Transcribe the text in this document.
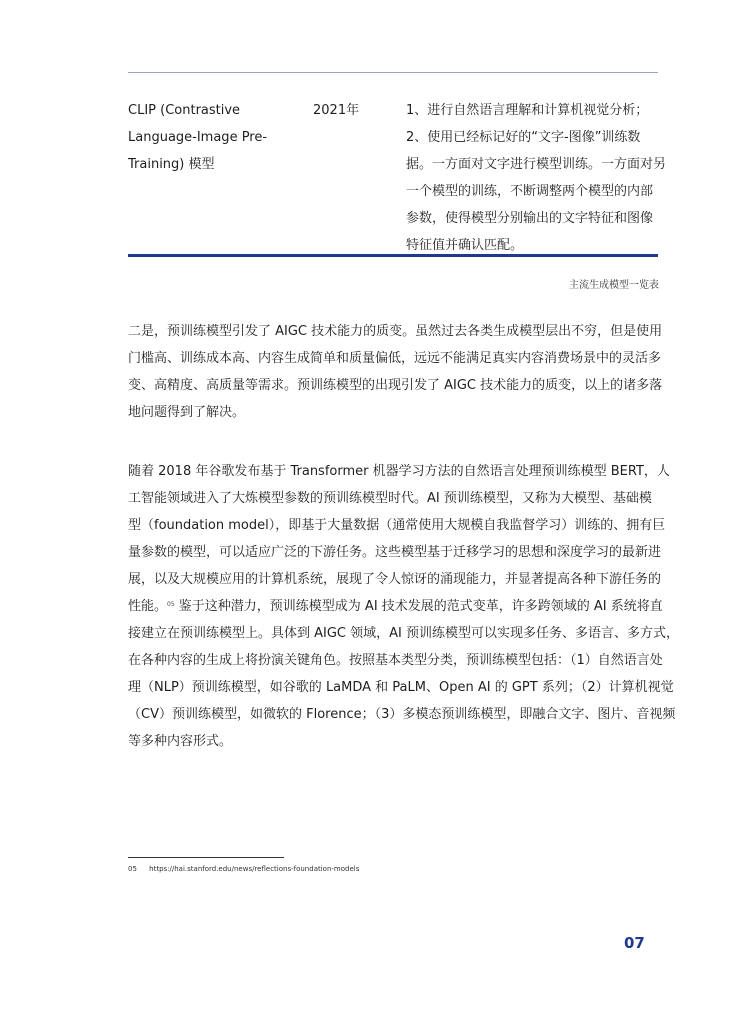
CLIP (Contrastive
Language-Image Pre-
Training) 模型
2021年	1、进行自然语言理解和计算机视觉分析；
2、使用已经标记好的“文字-图像”训练数
据。一方面对文字进行模型训练。一方面对另
一个模型的训练，不断调整两个模型的内部
参数，使得模型分别输出的文字特征和图像
特征值并确认匹配。
主流生成模型一览表
二是，预训练模型引发了 AIGC 技术能力的质变。虽然过去各类生成模型层出不穷，但是使用
门槛高、训练成本高、内容生成简单和质量偏低，远远不能满足真实内容消费场景中的灵活多
变、高精度、高质量等需求。预训练模型的出现引发了 AIGC 技术能力的质变，以上的诸多落
地问题得到了解决。
随着 2018 年谷歌发布基于 Transformer 机器学习方法的自然语言处理预训练模型 BERT，人
工智能领域进入了大炼模型参数的预训练模型时代。AI 预训练模型，又称为大模型、基础模
型（foundation model），即基于大量数据（通常使用大规模自我监督学习）训练的、拥有巨
量参数的模型，可以适应广泛的下游任务。这些模型基于迁移学习的思想和深度学习的最新进
展，以及大规模应用的计算机系统，展现了令人惊讶的涌现能力，并显著提高各种下游任务的
性能。$^{05}$ 鉴于这种潜力，预训练模型成为 AI 技术发展的范式变革，许多跨领域的 AI 系统将直
接建立在预训练模型上。具体到 AIGC 领域，AI 预训练模型可以实现多任务、多语言、多方式，
在各种内容的生成上将扮演关键角色。按照基本类型分类，预训练模型包括：（1）自然语言处
理（NLP）预训练模型，如谷歌的 LaMDA 和 PaLM、Open AI 的 GPT 系列；（2）计算机视觉
（CV）预训练模型，如微软的 Florence；（3）多模态预训练模型，即融合文字、图片、音视频
等多种内容形式。
05 https://hai.stanford.edu/news/reflections-foundation-models
07
